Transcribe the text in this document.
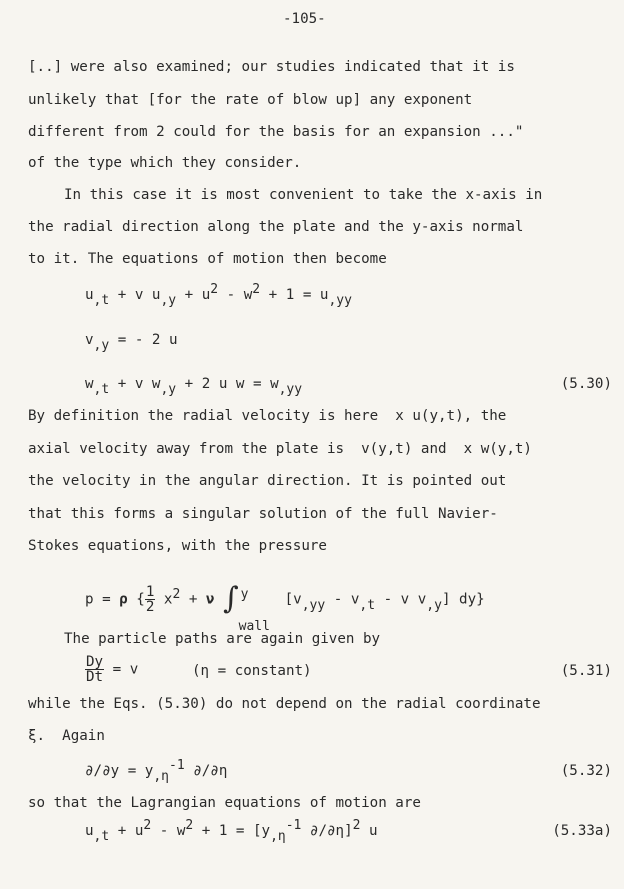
-105-
[..] were also examined; our studies indicated that it is
unlikely that [for the rate of blow up] any exponent
different from 2 could for the basis for an expansion ..."
of the type which they consider.
In this case it is most convenient to take the x-axis in
the radial direction along the plate and the y-axis normal
to it. The equations of motion then become
u,t + v u,y + u2 - w2 + 1 = u,yy
v,y = - 2 u
w,t + v w,y + 2 u w = w,yy	(5.30)
By definition the radial velocity is here  x u(y,t), the
axial velocity away from the plate is  v(y,t) and  x w(y,t)
the velocity in the angular direction. It is pointed out
that this forms a singular solution of the full Navier-
Stokes equations, with the pressure
p = ρ { $\frac{1}{2} x2 + \nu$ ∫ y
wall
[v,yy - v,t - v v,y] dy}
The particle paths are again given by
$\frac{Dy}{Dt} = v$	(η = constant)	(5.31)
while the Eqs. (5.30) do not depend on the radial coordinate
ξ.  Again
∂/∂y = y,η-1 ∂/∂η	(5.32)
so that the Lagrangian equations of motion are
u,t + u2 - w2 + 1 = [y,η-1 ∂/∂η]2 u	(5.33a)
